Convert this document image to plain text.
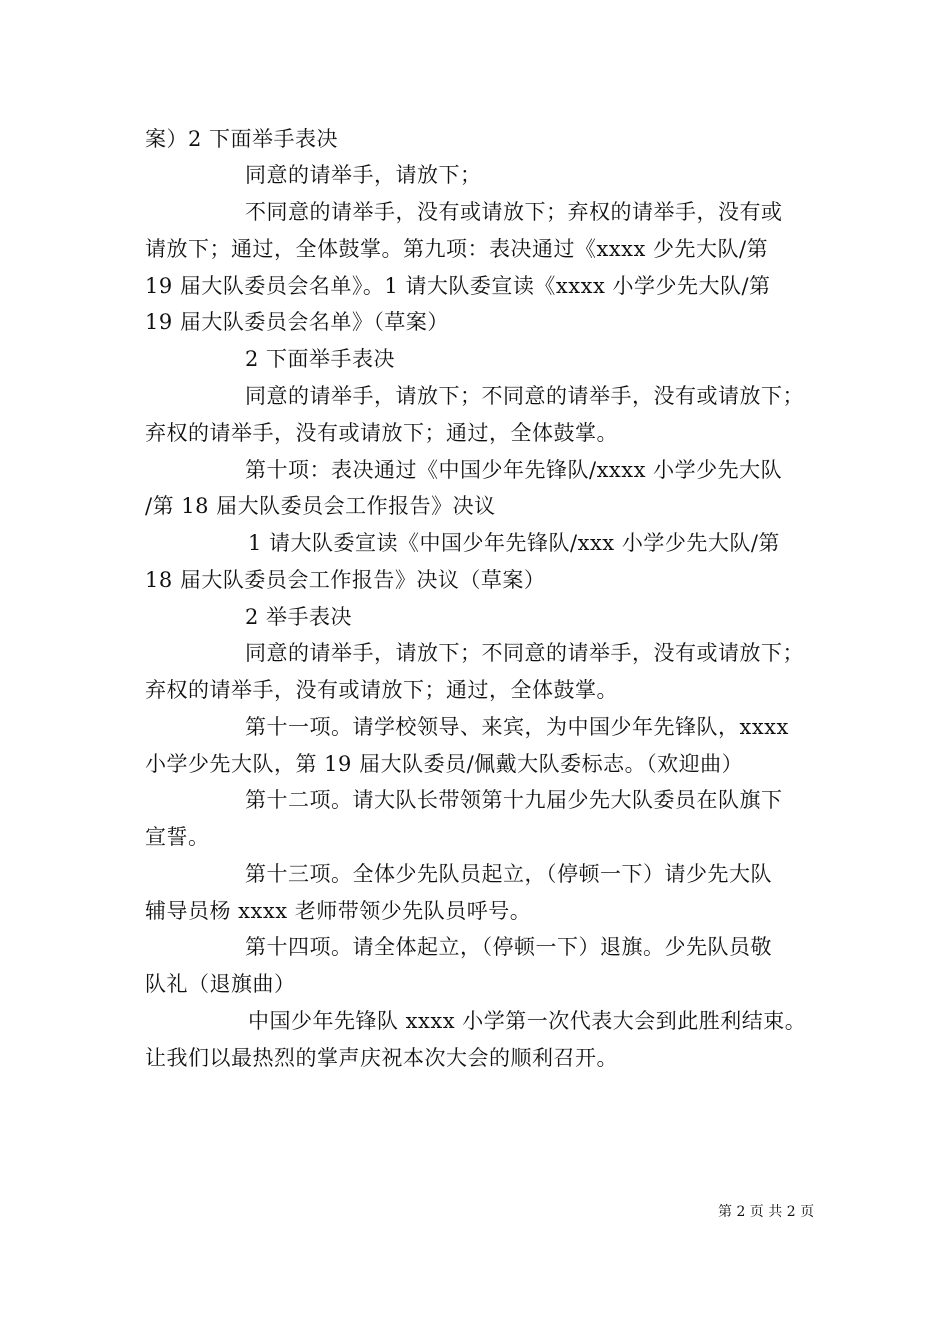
案）2 下面举手表决
同意的请举手，请放下；
不同意的请举手，没有或请放下；弃权的请举手，没有或
请放下；通过，全体鼓掌。第九项：表决通过《xxxx 少先大队/第
19 届大队委员会名单》。1 请大队委宣读《xxxx 小学少先大队/第
19 届大队委员会名单》（草案）
2 下面举手表决
同意的请举手，请放下；不同意的请举手，没有或请放下；
弃权的请举手，没有或请放下；通过，全体鼓掌。
第十项：表决通过《中国少年先锋队/xxxx 小学少先大队
/第 18 届大队委员会工作报告》决议
1 请大队委宣读《中国少年先锋队/xxx 小学少先大队/第
18 届大队委员会工作报告》决议（草案）
2 举手表决
同意的请举手，请放下；不同意的请举手，没有或请放下；
弃权的请举手，没有或请放下；通过，全体鼓掌。
第十一项。请学校领导、来宾，为中国少年先锋队，xxxx
小学少先大队，第 19 届大队委员/佩戴大队委标志。（欢迎曲）
第十二项。请大队长带领第十九届少先大队委员在队旗下
宣誓。
第十三项。全体少先队员起立，（停顿一下）请少先大队
辅导员杨 xxxx 老师带领少先队员呼号。
第十四项。请全体起立，（停顿一下）退旗。少先队员敬
队礼（退旗曲）
中国少年先锋队 xxxx 小学第一次代表大会到此胜利结束。
让我们以最热烈的掌声庆祝本次大会的顺利召开。
第 2 页 共 2 页
